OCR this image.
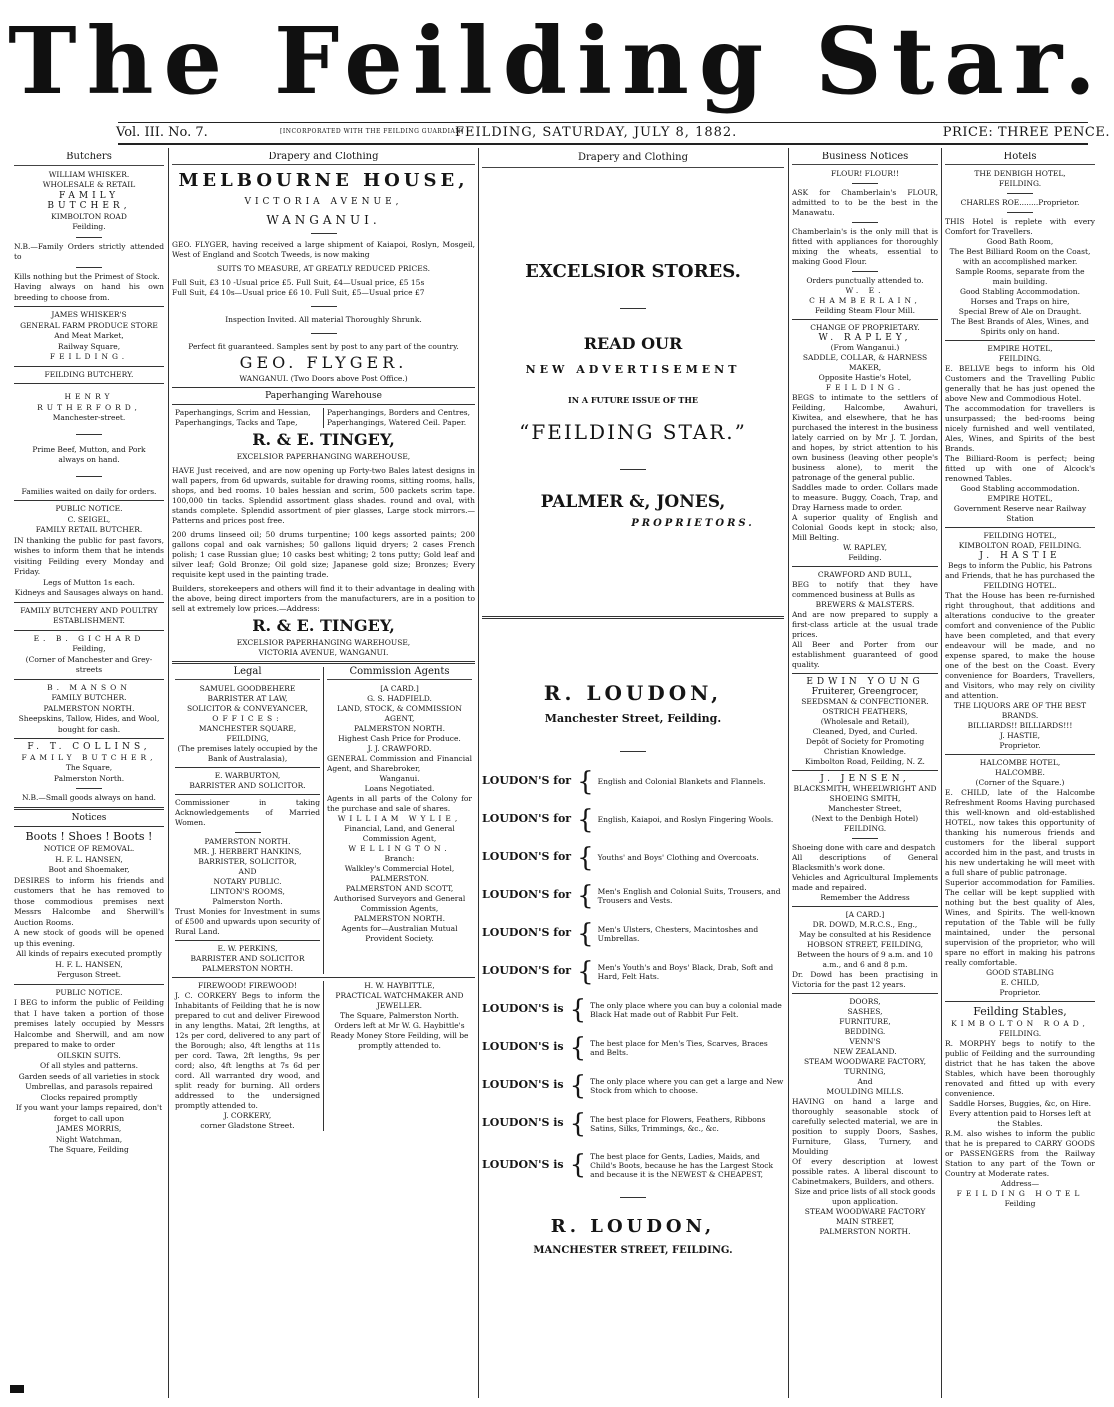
The Feilding Star.
Vol. III. No. 7.	[INCORPORATED WITH THE FEILDING GUARDIAN]
FEILDING, SATURDAY, JULY 8, 1882.	PRICE: THREE PENCE.
Butchers
WILLIAM WHISKER.
WHOLESALE & RETAIL
FAMILY BUTCHER,
KIMBOLTON ROAD
Feilding.
N.B.—Family Orders strictly attended to
Kills nothing but the Primest of Stock.
Having always on hand his own breeding to choose from.
JAMES WHISKER'S
GENERAL FARM PRODUCE STORE
And Meat Market,
Railway Square,
FEILDING.
FEILDING BUTCHERY.
HENRY RUTHERFORD,
Manchester-street.
Prime Beef, Mutton, and Pork
always on hand.
Families waited on daily for orders.
PUBLIC NOTICE.
C. SEIGEL,
FAMILY RETAIL BUTCHER.
IN thanking the public for past favors, wishes to inform them that he intends visiting Feilding every Monday and Friday.
Legs of Mutton 1s each.
Kidneys and Sausages always on hand.
FAMILY BUTCHERY AND POULTRY ESTABLISHMENT.
E. B. GICHARD
Feilding,
(Corner of Manchester and Grey-streets
B. MANSON
FAMILY BUTCHER.
PALMERSTON NORTH.
Sheepskins, Tallow, Hides, and Wool,
bought for cash.
F. T. COLLINS,
FAMILY BUTCHER,
The Square,
Palmerston North.
N.B.—Small goods always on hand.
Notices
Boots ! Shoes ! Boots !
NOTICE OF REMOVAL.
H. F. L. HANSEN,
Boot and Shoemaker,
DESIRES to inform his friends and customers that he has removed to those commodious premises next Messrs Halcombe and Sherwill's Auction Rooms.
A new stock of goods will be opened up this evening.
All kinds of repairs executed promptly
H. F. L. HANSEN,
Ferguson Street.
PUBLIC NOTICE.
I BEG to inform the public of Feilding that I have taken a portion of those premises lately occupied by Messrs Halcombe and Sherwill, and am now prepared to make to order
OILSKIN SUITS.
Of all styles and patterns.
Garden seeds of all varieties in stock
Umbrellas, and parasols repaired
Clocks repaired promptly
If you want your lamps repaired, don't forget to call upon
JAMES MORRIS,
Night Watchman,
The Square, Feilding
Drapery and Clothing
MELBOURNE HOUSE,
VICTORIA AVENUE,
WANGANUI.
GEO. FLYGER, having received a large shipment of Kaiapoi, Roslyn, Mosgeil, West of England and Scotch Tweeds, is now making
SUITS TO MEASURE, AT GREATLY REDUCED PRICES.
Full Suit, £3 10 -Usual price £5. Full Suit, £4—Usual price, £5 15s
Full Suit, £4 10s—Usual price £6 10. Full Suit, £5—Usual price £7
Inspection Invited. All material Thoroughly Shrunk.
Perfect fit guaranteed. Samples sent by post to any part of the country.
GEO. FLYGER.
WANGANUI. (Two Doors above Post Office.)
Paperhanging Warehouse
Paperhangings, Scrim and Hessian, Paperhangings, Tacks and Tape,
Paperhangings, Borders and Centres, Paperhangings, Watered Ceil. Paper.
R. & E. TINGEY,
EXCELSIOR PAPERHANGING WAREHOUSE,
HAVE Just received, and are now opening up Forty-two Bales latest designs in wall papers, from 6d upwards, suitable for drawing rooms, sitting rooms, halls, shops, and bed rooms. 10 bales hessian and scrim, 500 packets scrim tape. 100,000 tin tacks. Splendid assortment glass shades. round and oval, with stands complete. Splendid assortment of pier glasses, Large stock mirrors.—Patterns and prices post free.
200 drums linseed oil; 50 drums turpentine; 100 kegs assorted paints; 200 gallons copal and oak varnishes; 50 gallons liquid dryers; 2 cases French polish; 1 case Russian glue; 10 casks best whiting; 2 tons putty; Gold leaf and silver leaf; Gold Bronze; Oil gold size; Japanese gold size; Bronzes; Every requisite kept used in the painting trade.
Builders, storekeepers and others will find it to their advantage in dealing with the above, being direct importers from the manufacturers, are in a position to sell at extremely low prices.—Address:
R. & E. TINGEY,
EXCELSIOR PAPERHANGING WAREHOUSE,
VICTORIA AVENUE, WANGANUI.
Legal
SAMUEL GOODBEHERE
BARRISTER AT LAW,
SOLICITOR & CONVEYANCER,
OFFICES:
MANCHESTER SQUARE,
FEILDING,
(The premises lately occupied by the Bank of Australasia),
E. WARBURTON,
BARRISTER AND SOLICITOR.
Commissioner in taking Acknowledgements of Married Women.
PAMERSTON NORTH.
MR. J. HERBERT HANKINS,
BARRISTER, SOLICITOR,
AND
NOTARY PUBLIC.
LINTON'S ROOMS,
Palmerston North.
Trust Monies for Investment in sums of £500 and upwards upon security of Rural Land.
E. W. PERKINS,
BARRISTER AND SOLICITOR
PALMERSTON NORTH.
Commission Agents
[A CARD.]
G. S. HADFIELD.
LAND, STOCK, & COMMISSION AGENT,
PALMERSTON NORTH.
Highest Cash Price for Produce.
J. J. CRAWFORD.
GENERAL Commission and Financial Agent, and Sharebroker,
Wanganui.
Loans Negotiated.
Agents in all parts of the Colony for the purchase and sale of shares.
WILLIAM WYLIE,
Financial, Land, and General Commission Agent,
WELLINGTON.
Branch:
Walkley's Commercial Hotel,
PALMERSTON.
PALMERSTON AND SCOTT,
Authorised Surveyors and General
Commission Agents,
PALMERSTON NORTH.
Agents for—Australian Mutual Provident Society.
FIREWOOD! FIREWOOD!
J. C. CORKERY Begs to inform the Inhabitants of Feilding that he is now prepared to cut and deliver Firewood in any lengths. Matai, 2ft lengths, at 12s per cord, delivered to any part of the Borough; also, 4ft lengths at 11s per cord. Tawa, 2ft lengths, 9s per cord; also, 4ft lengths at 7s 6d per cord. All warranted dry wood, and split ready for burning. All orders addressed to the undersigned promptly attended to.
J. CORKERY,
corner Gladstone Street.
H. W. HAYBITTLE,
PRACTICAL WATCHMAKER AND JEWELLER.
The Square, Palmerston North.
Orders left at Mr W. G. Haybittle's Ready Money Store Feilding, will be promptly attended to.
Drapery and Clothing
EXCELSIOR STORES.
READ OUR
NEW ADVERTISEMENT
IN A FUTURE ISSUE OF THE
“FEILDING STAR.”
PALMER &, JONES,
PROPRIETORS.
R. LOUDON,
Manchester Street, Feilding.
LOUDON'S for { English and Colonial Blankets and Flannels.
LOUDON'S for { English, Kaiapoi, and Roslyn Fingering Wools.
LOUDON'S for { Youths' and Boys' Clothing and Overcoats.
LOUDON'S for { Men's English and Colonial Suits, Trousers, and Trousers and Vests.
LOUDON'S for { Men's Ulsters, Chesters, Macintoshes and Umbrellas.
LOUDON'S for { Men's Youth's and Boys' Black, Drab, Soft and Hard, Felt Hats.
LOUDON'S is { The only place where you can buy a colonial made Black Hat made out of Rabbit Fur Felt.
LOUDON'S is { The best place for Men's Ties, Scarves, Braces and Belts.
LOUDON'S is { The only place where you can get a large and New Stock from which to choose.
LOUDON'S is { The best place for Flowers, Feathers, Ribbons Satins, Silks, Trimmings, &c., &c.
LOUDON'S is { The best place for Gents, Ladies, Maids, and Child's Boots, because he has the Largest Stock and because it is the NEWEST & CHEAPEST,
R. LOUDON,
MANCHESTER STREET, FEILDING.
Business Notices
FLOUR! FLOUR!!
ASK for Chamberlain's FLOUR, admitted to to be the best in the Manawatu.
Chamberlain's is the only mill that is fitted with appliances for thoroughly mixing the wheats, essential to making Good Flour.
Orders punctually attended to.
W. E. CHAMBERLAIN,
Feilding Steam Flour Mill.
CHANGE OF PROPRIETARY.
W. RAPLEY,
(From Wanganui.)
SADDLE, COLLAR, & HARNESS MAKER,
Opposite Hastie's Hotel,
FEILDING.
BEGS to intimate to the settlers of Feilding, Halcombe, Awahuri, Kiwitea, and elsewhere, that he has purchased the interest in the business lately carried on by Mr J. T. Jordan, and hopes, by strict attention to his own business (leaving other people's business alone), to merit the patronage of the general public.
Saddles made to order. Collars made to measure. Buggy, Coach, Trap, and Dray Harness made to order.
A superior quality of English and Colonial Goods kept in stock; also, Mill Belting.
W. RAPLEY,
Feilding.
CRAWFORD AND BULL,
BEG to notify that they have commenced business at Bulls as
BREWERS & MALSTERS.
And are now prepared to supply a first-class article at the usual trade prices.
All Beer and Porter from our establishment guaranteed of good quality.
EDWIN YOUNG
Fruiterer, Greengrocer,
SEEDSMAN & CONFECTIONER.
OSTRICH FEATHERS,
(Wholesale and Retail),
Cleaned, Dyed, and Curled.
Depôt of Society for Promoting Christian Knowledge.
Kimbolton Road, Feilding, N. Z.
J. JENSEN,
BLACKSMITH, WHEELWRIGHT AND SHOEING SMITH,
Manchester Street,
(Next to the Denbigh Hotel)
FEILDING.
Shoeing done with care and despatch
All descriptions of General Blacksmith's work done.
Vehicles and Agricultural Implements made and repaired.
Remember the Address
[A CARD.]
DR. DOWD, M.R.C.S., Eng.,
May be consulted at his Residence
HOBSON STREET, FEILDING,
Between the hours of 9 a.m. and 10 a.m., and 6 and 8 p.m.
Dr. Dowd has been practising in Victoria for the past 12 years.
DOORS,
SASHES,
FURNITURE,
BEDDING.
VENN'S
NEW ZEALAND.
STEAM WOODWARE FACTORY,
TURNING,
And
MOULDING MILLS.
HAVING on hand a large and thoroughly seasonable stock of carefully selected material, we are in position to supply Doors, Sashes, Furniture, Glass, Turnery, and Moulding
Of every description at lowest possible rates. A liberal discount to Cabinetmakers, Builders, and others.
Size and price lists of all stock goods upon application.
STEAM WOODWARE FACTORY
MAIN STREET,
PALMERSTON NORTH.
Hotels
THE DENBIGH HOTEL,
FEILDING.
CHARLES ROE........Proprietor.
THIS Hotel is replete with every Comfort for Travellers.
Good Bath Room,
The Best Billiard Room on the Coast, with an accomplished marker.
Sample Rooms, separate from the main building.
Good Stabling Accommodation.
Horses and Traps on hire,
Special Brew of Ale on Draught.
The Best Brands of Ales, Wines, and Spirits only on hand.
EMPIRE HOTEL,
FEILDING.
E. BELLVE begs to inform his Old Customers and the Travelling Public generally that he has just opened the above New and Commodious Hotel.
The accommodation for travellers is unsurpassed; the bed-rooms being nicely furnished and well ventilated, Ales, Wines, and Spirits of the best Brands.
The Billiard-Room is perfect; being fitted up with one of Alcock's renowned Tables.
Good Stabling accommodation.
EMPIRE HOTEL,
Government Reserve near Railway Station
FEILDING HOTEL,
KIMBOLTON ROAD, FEILDING.
J. HASTIE
Begs to inform the Public, his Patrons and Friends, that he has purchased the
FEILDING HOTEL.
That the House has been re-furnished right throughout, that additions and alterations conducive to the greater comfort and convenience of the Public have been completed, and that every endeavour will be made, and no expense spared, to make the house one of the best on the Coast. Every convenience for Boarders, Travellers, and Visitors, who may rely on civility and attention.
THE LIQUORS ARE OF THE BEST BRANDS.
BILLIARDS!! BILLIARDS!!!
J. HASTIE,
Proprietor.
HALCOMBE HOTEL,
HALCOMBE.
(Corner of the Square.)
E. CHILD, late of the Halcombe Refreshment Rooms Having purchased this well-known and old-established HOTEL, now takes this opportunity of thanking his numerous friends and customers for the liberal support accorded him in the past, and trusts in his new undertaking he will meet with a full share of public patronage.
Superior accommodation for Families. The cellar will be kept supplied with nothing but the best quality of Ales, Wines, and Spirits. The well-known reputation of the Table will be fully maintained, under the personal supervision of the proprietor, who will spare no effort in making his patrons really comfortable.
GOOD STABLING
E. CHILD,
Proprietor.
Feilding Stables,
KIMBOLTON ROAD,
FEILDING.
R. MORPHY begs to notify to the public of Feilding and the surrounding district that he has taken the above Stables, which have been thoroughly renovated and fitted up with every convenience.
Saddle Horses, Buggies, &c, on Hire.
Every attention paid to Horses left at the Stables.
R.M. also wishes to inform the public that he is prepared to CARRY GOODS or PASSENGERS from the Railway Station to any part of the Town or Country at Moderate rates.
Address—
FEILDING HOTEL
Feilding
